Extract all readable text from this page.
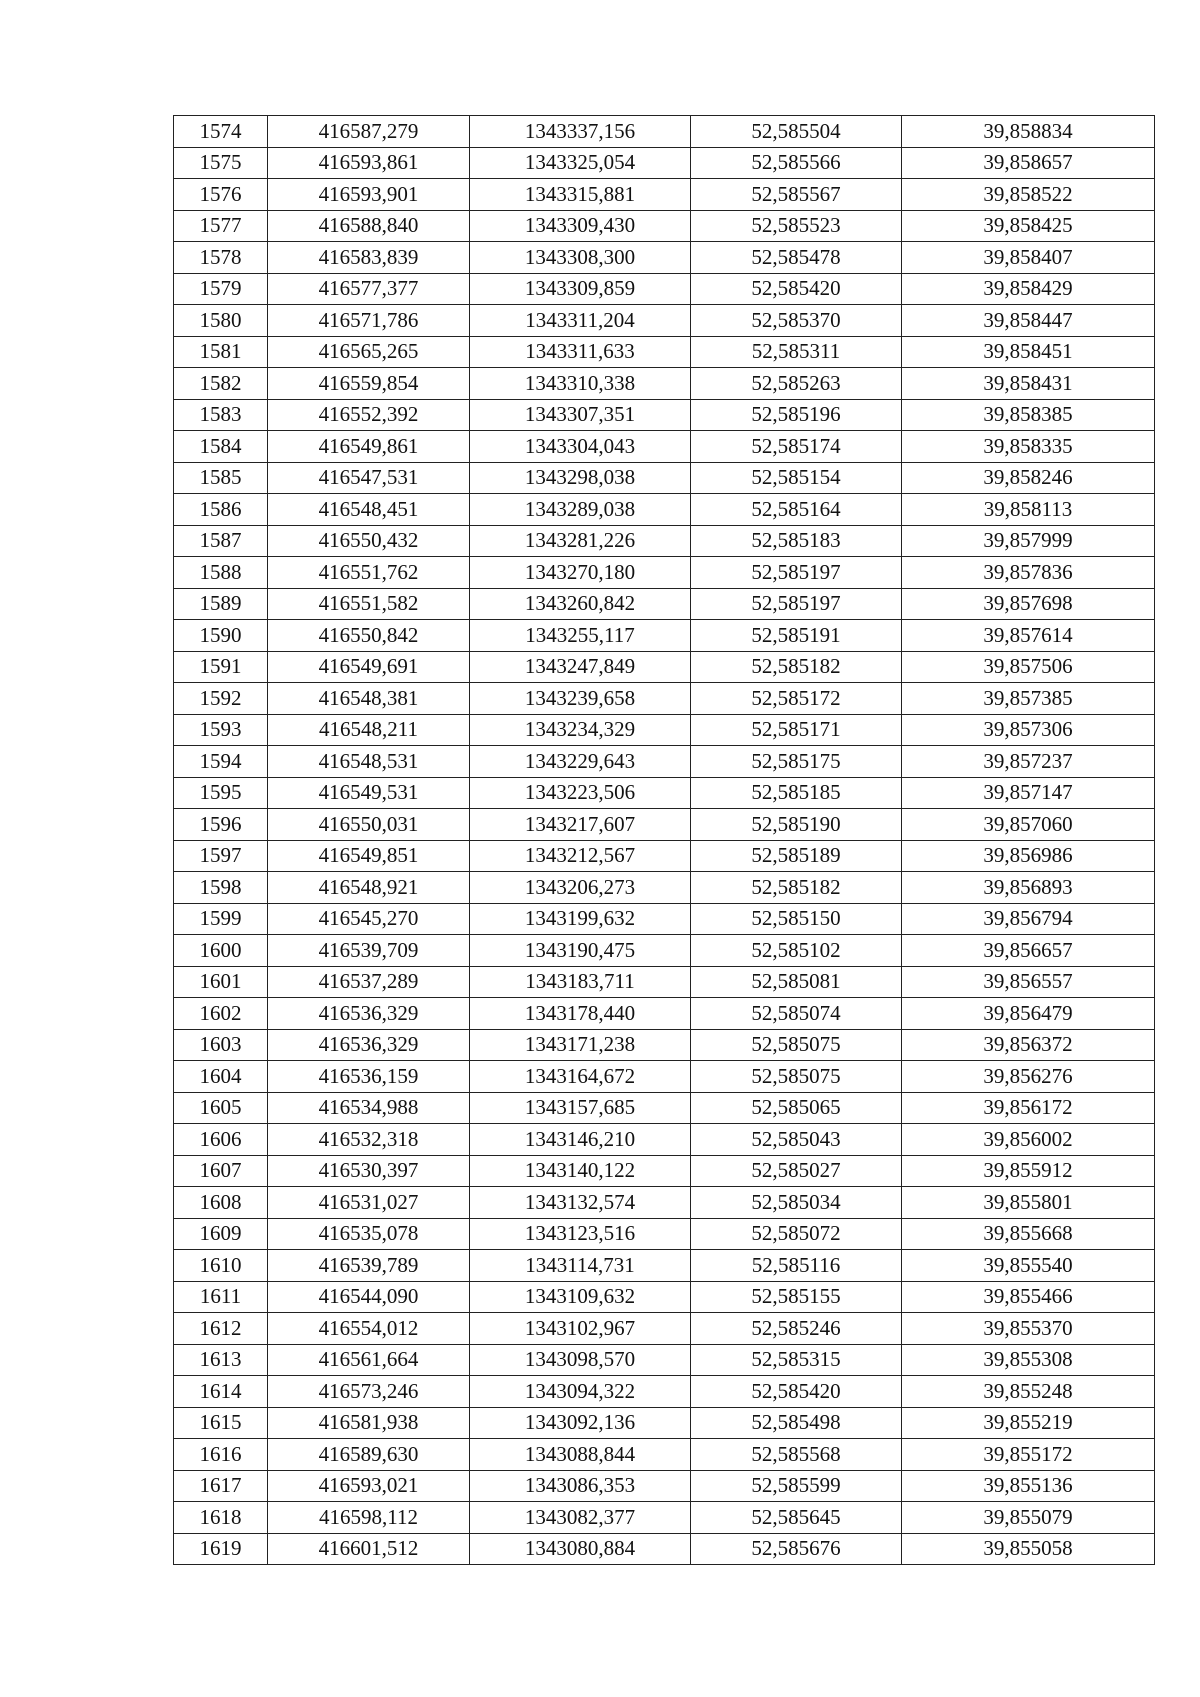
1574	416587,279	1343337,156	52,585504	39,858834
1575	416593,861	1343325,054	52,585566	39,858657
1576	416593,901	1343315,881	52,585567	39,858522
1577	416588,840	1343309,430	52,585523	39,858425
1578	416583,839	1343308,300	52,585478	39,858407
1579	416577,377	1343309,859	52,585420	39,858429
1580	416571,786	1343311,204	52,585370	39,858447
1581	416565,265	1343311,633	52,585311	39,858451
1582	416559,854	1343310,338	52,585263	39,858431
1583	416552,392	1343307,351	52,585196	39,858385
1584	416549,861	1343304,043	52,585174	39,858335
1585	416547,531	1343298,038	52,585154	39,858246
1586	416548,451	1343289,038	52,585164	39,858113
1587	416550,432	1343281,226	52,585183	39,857999
1588	416551,762	1343270,180	52,585197	39,857836
1589	416551,582	1343260,842	52,585197	39,857698
1590	416550,842	1343255,117	52,585191	39,857614
1591	416549,691	1343247,849	52,585182	39,857506
1592	416548,381	1343239,658	52,585172	39,857385
1593	416548,211	1343234,329	52,585171	39,857306
1594	416548,531	1343229,643	52,585175	39,857237
1595	416549,531	1343223,506	52,585185	39,857147
1596	416550,031	1343217,607	52,585190	39,857060
1597	416549,851	1343212,567	52,585189	39,856986
1598	416548,921	1343206,273	52,585182	39,856893
1599	416545,270	1343199,632	52,585150	39,856794
1600	416539,709	1343190,475	52,585102	39,856657
1601	416537,289	1343183,711	52,585081	39,856557
1602	416536,329	1343178,440	52,585074	39,856479
1603	416536,329	1343171,238	52,585075	39,856372
1604	416536,159	1343164,672	52,585075	39,856276
1605	416534,988	1343157,685	52,585065	39,856172
1606	416532,318	1343146,210	52,585043	39,856002
1607	416530,397	1343140,122	52,585027	39,855912
1608	416531,027	1343132,574	52,585034	39,855801
1609	416535,078	1343123,516	52,585072	39,855668
1610	416539,789	1343114,731	52,585116	39,855540
1611	416544,090	1343109,632	52,585155	39,855466
1612	416554,012	1343102,967	52,585246	39,855370
1613	416561,664	1343098,570	52,585315	39,855308
1614	416573,246	1343094,322	52,585420	39,855248
1615	416581,938	1343092,136	52,585498	39,855219
1616	416589,630	1343088,844	52,585568	39,855172
1617	416593,021	1343086,353	52,585599	39,855136
1618	416598,112	1343082,377	52,585645	39,855079
1619	416601,512	1343080,884	52,585676	39,855058
